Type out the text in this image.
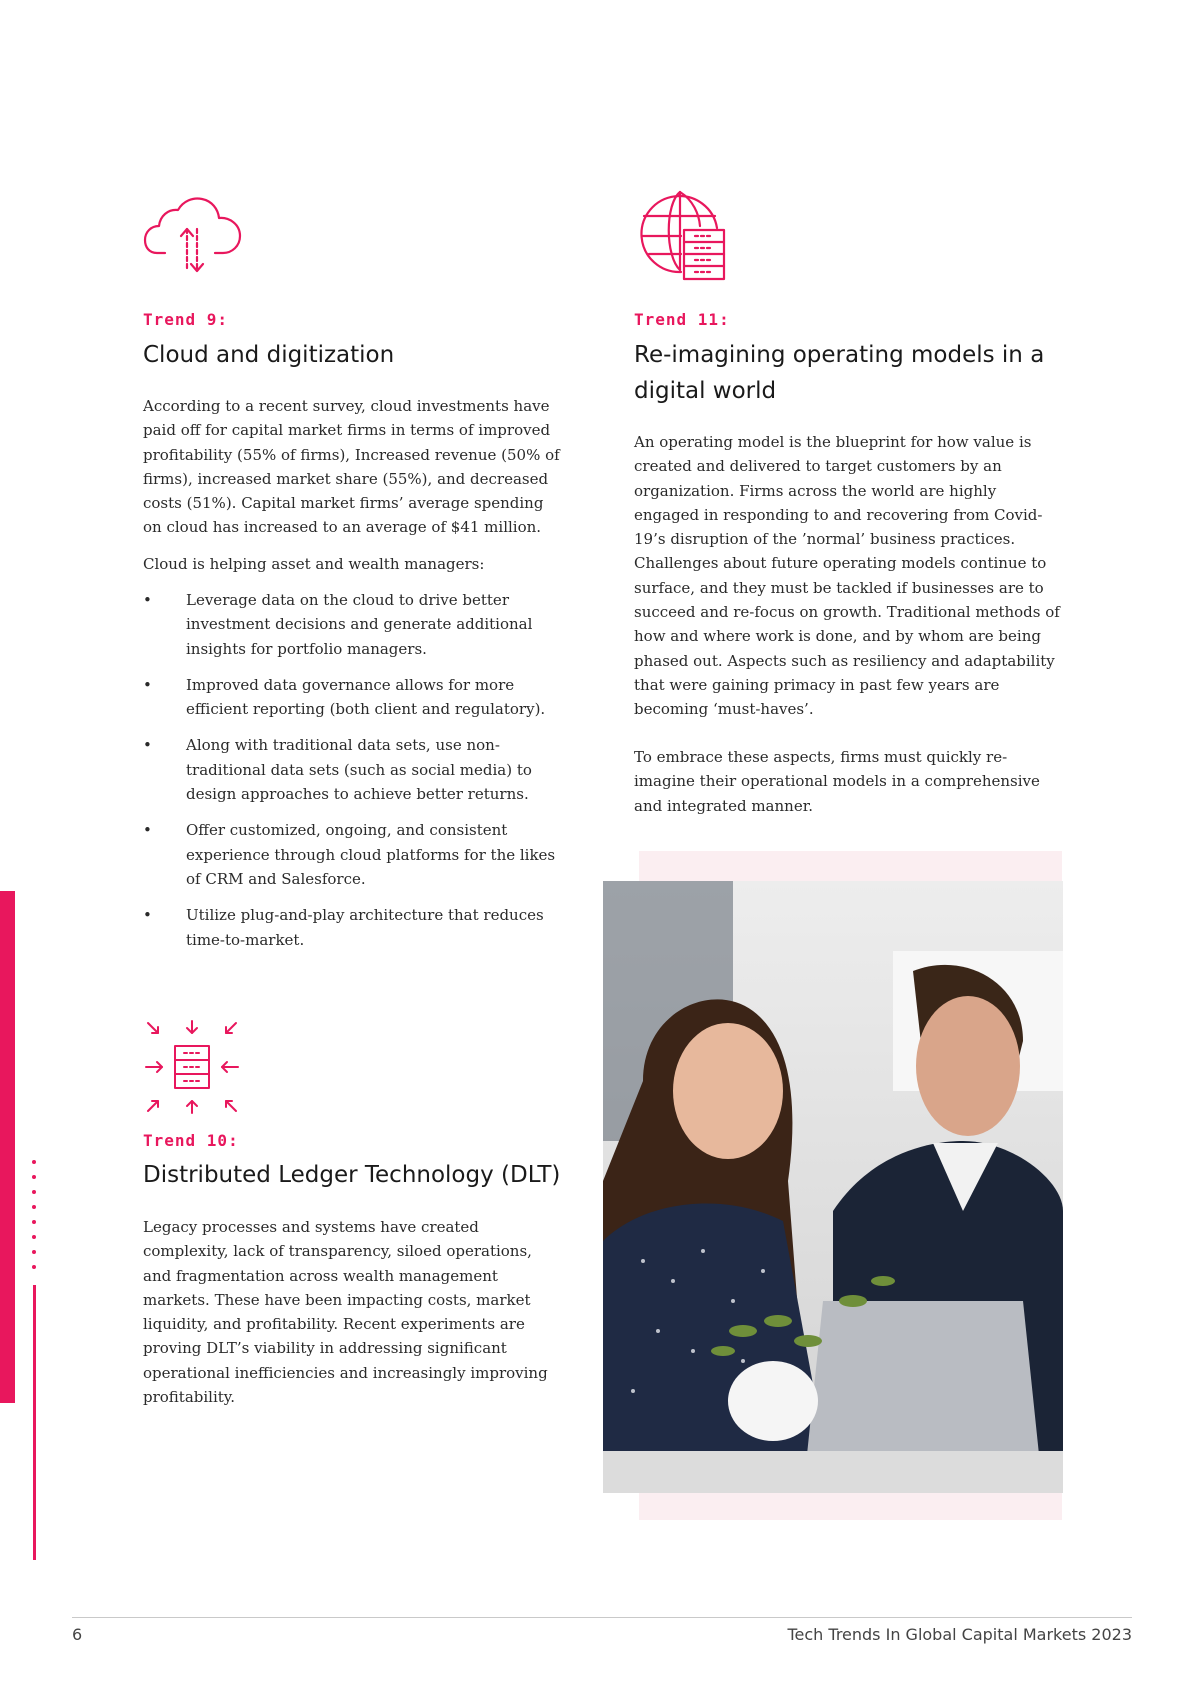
Trend 9:
Cloud and digitization

According to a recent survey, cloud investments have paid off for capital market firms in terms of improved profitability (55% of firms), Increased revenue (50% of firms), increased market share (55%), and decreased costs (51%). Capital market firms’ average spending on cloud has increased to an average of $41 million.

Cloud is helping asset and wealth managers:

• Leverage data on the cloud to drive better investment decisions and generate additional insights for portfolio managers.
• Improved data governance allows for more efficient reporting (both client and regulatory).
• Along with traditional data sets, use non-traditional data sets (such as social media) to design approaches to achieve better returns.
• Offer customized, ongoing, and consistent experience through cloud platforms for the likes of CRM and Salesforce.
• Utilize plug-and-play architecture that reduces time-to-market.
Trend 10:
Distributed Ledger Technology (DLT)

Legacy processes and systems have created complexity, lack of transparency, siloed operations, and fragmentation across wealth management markets. These have been impacting costs, market liquidity, and profitability. Recent experiments are proving DLT’s viability in addressing significant operational inefficiencies and increasingly improving profitability.

Trend 11:
Re-imagining operating models in a digital world

An operating model is the blueprint for how value is created and delivered to target customers by an organization. Firms across the world are highly engaged in responding to and recovering from Covid-19’s disruption of the ’normal’ business practices. Challenges about future operating models continue to surface, and they must be tackled if businesses are to succeed and re-focus on growth. Traditional methods of how and where work is done, and by whom are being phased out. Aspects such as resiliency and adaptability that were gaining primacy in past few years are becoming ‘must-haves’.

To embrace these aspects, firms must quickly re-imagine their operational models in a comprehensive and integrated manner.

6	Tech Trends In Global Capital Markets 2023
